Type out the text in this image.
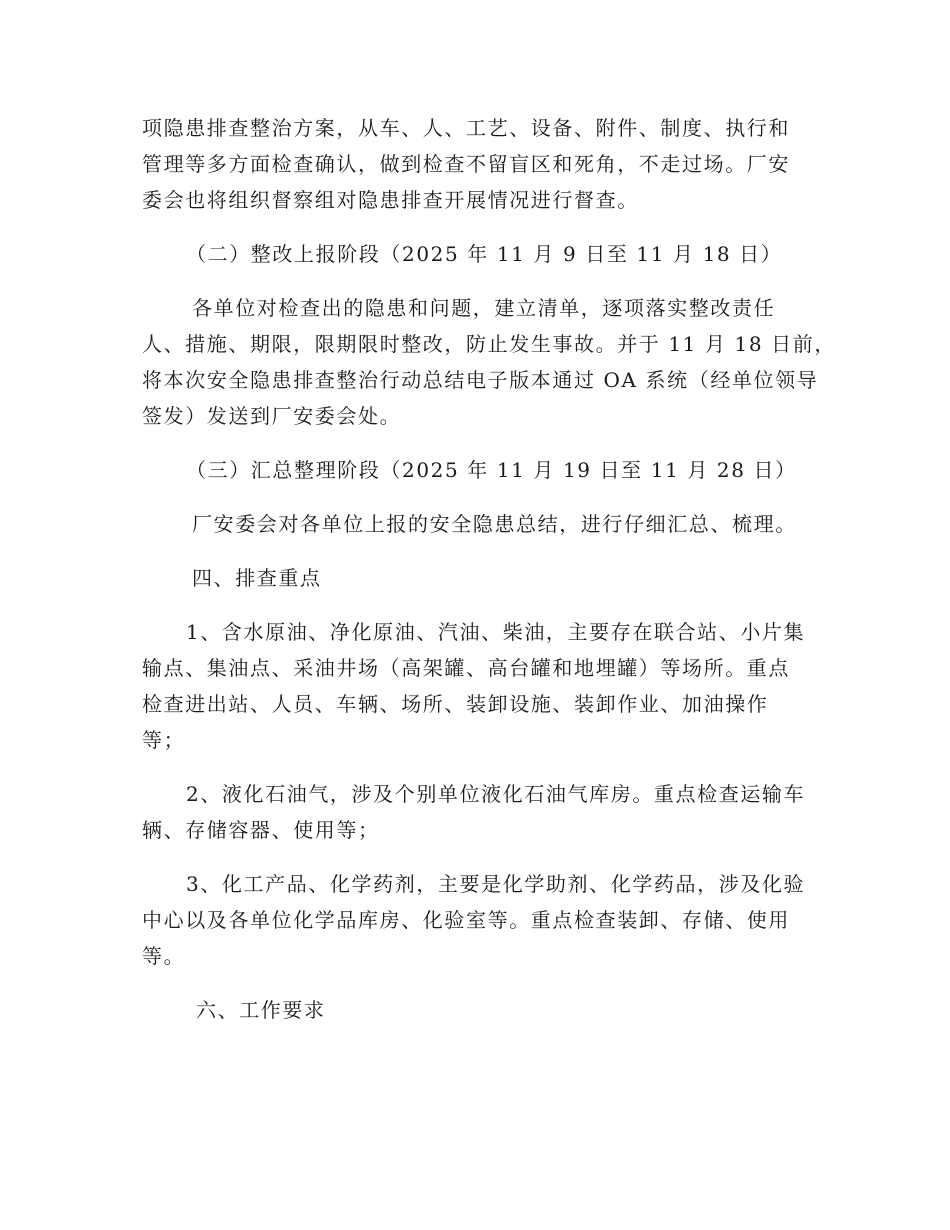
项隐患排查整治方案，从车、人、工艺、设备、附件、制度、执行和
管理等多方面检查确认，做到检查不留盲区和死角，不走过场。厂安
委会也将组织督察组对隐患排查开展情况进行督查。
（二）整改上报阶段（2025 年 11 月 9 日至 11 月 18 日）
各单位对检查出的隐患和问题，建立清单，逐项落实整改责任
人、措施、期限，限期限时整改，防止发生事故。并于 11 月 18 日前，
将本次安全隐患排查整治行动总结电子版本通过 OA 系统（经单位领导
签发）发送到厂安委会处。
（三）汇总整理阶段（2025 年 11 月 19 日至 11 月 28 日）
厂安委会对各单位上报的安全隐患总结，进行仔细汇总、梳理。
四、排查重点
1、含水原油、净化原油、汽油、柴油，主要存在联合站、小片集
输点、集油点、采油井场（高架罐、高台罐和地埋罐）等场所。重点
检查进出站、人员、车辆、场所、装卸设施、装卸作业、加油操作
等；
2、液化石油气，涉及个别单位液化石油气库房。重点检查运输车
辆、存储容器、使用等；
3、化工产品、化学药剂，主要是化学助剂、化学药品，涉及化验
中心以及各单位化学品库房、化验室等。重点检查装卸、存储、使用
等。
六、工作要求
